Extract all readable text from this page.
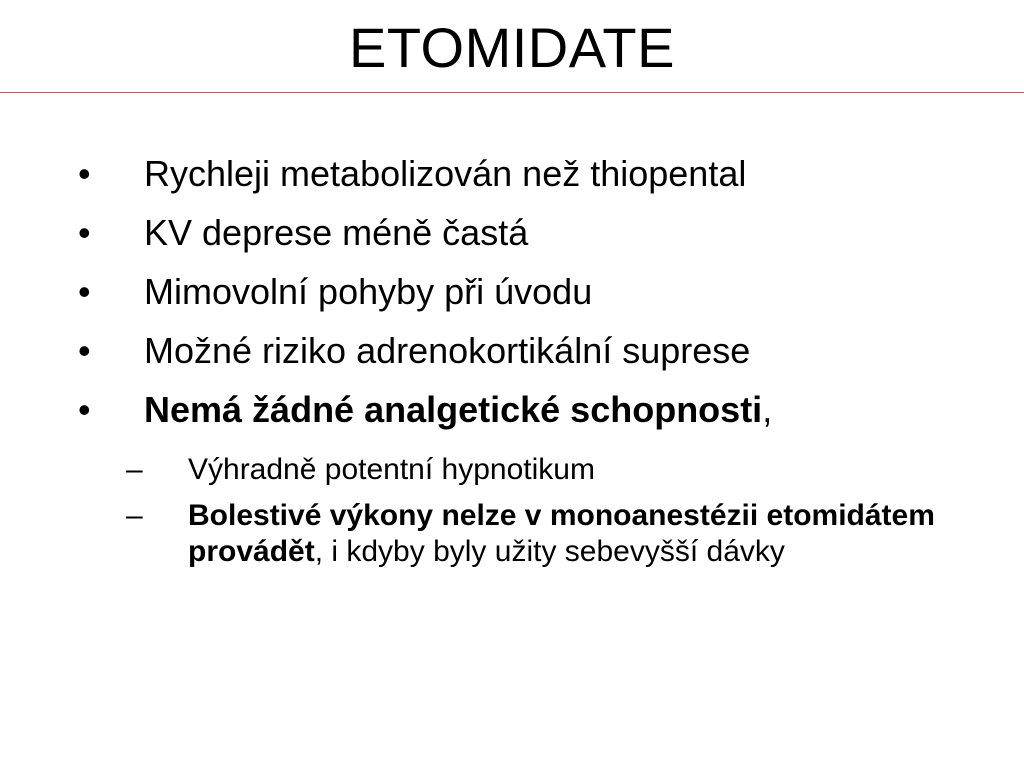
ETOMIDATE
• Rychleji metabolizován než thiopental
• KV deprese méně častá
• Mimovolní pohyby při úvodu
• Možné riziko adrenokortikální suprese
• Nemá žádné analgetické schopnosti,
– Výhradně potentní hypnotikum
– Bolestivé výkony nelze v monoanestézii etomidátem provádět, i kdyby byly užity sebevyšší dávky
